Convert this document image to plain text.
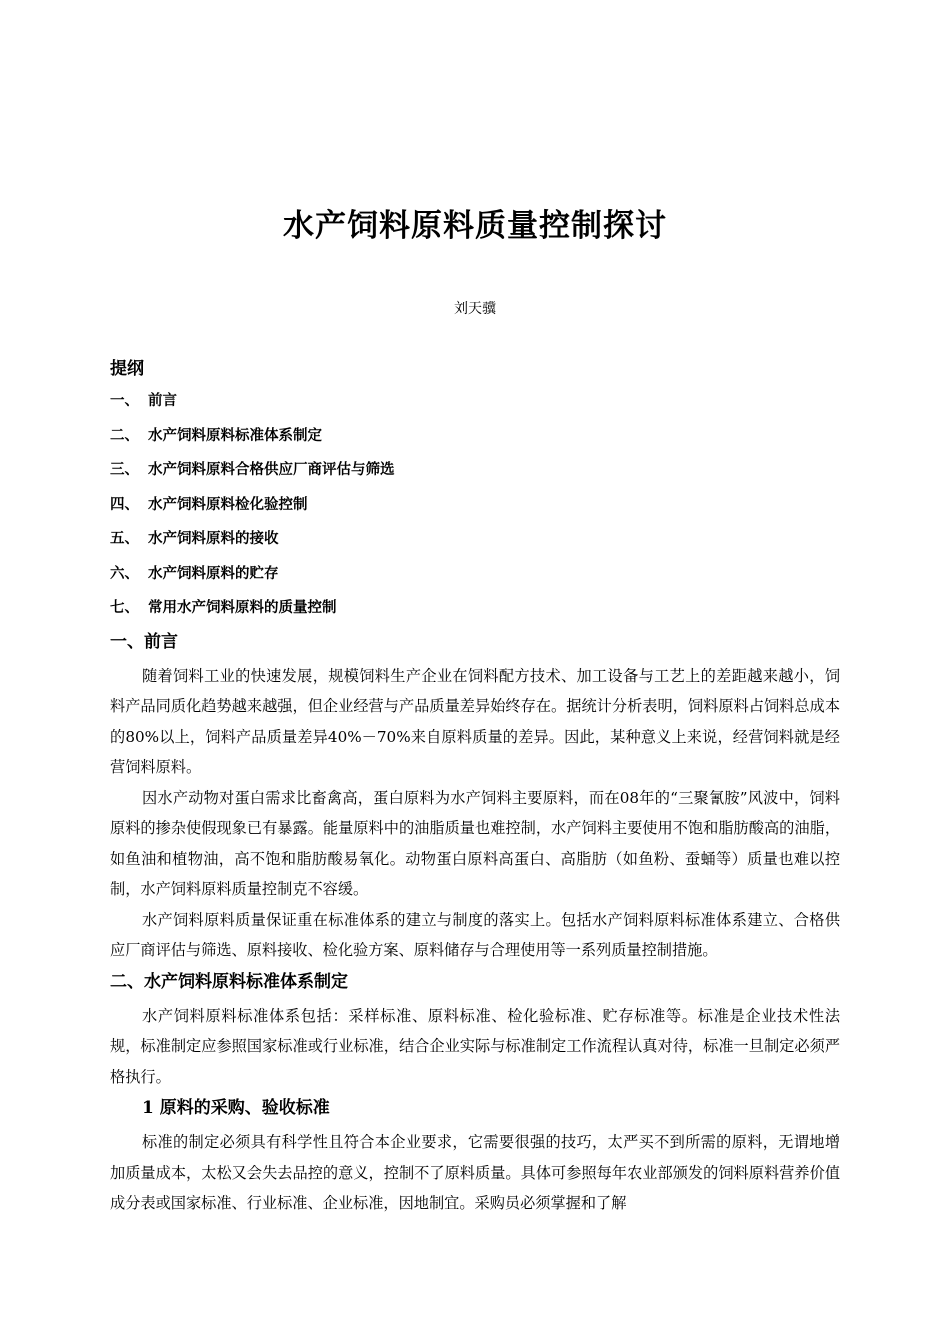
水产饲料原料质量控制探讨
刘天骥
提纲
一、 前言
二、 水产饲料原料标准体系制定
三、 水产饲料原料合格供应厂商评估与筛选
四、 水产饲料原料检化验控制
五、 水产饲料原料的接收
六、 水产饲料原料的贮存
七、 常用水产饲料原料的质量控制
一、前言

随着饲料工业的快速发展，规模饲料生产企业在饲料配方技术、加工设备与工艺上的差距越来越小，饲料产品同质化趋势越来越强，但企业经营与产品质量差异始终存在。据统计分析表明，饲料原料占饲料总成本的80%以上，饲料产品质量差异40%－70%来自原料质量的差异。因此，某种意义上来说，经营饲料就是经营饲料原料。

因水产动物对蛋白需求比畜禽高，蛋白原料为水产饲料主要原料，而在08年的“三聚氰胺”风波中，饲料原料的掺杂使假现象已有暴露。能量原料中的油脂质量也难控制，水产饲料主要使用不饱和脂肪酸高的油脂，如鱼油和植物油，高不饱和脂肪酸易氧化。动物蛋白原料高蛋白、高脂肪（如鱼粉、蚕蛹等）质量也难以控制，水产饲料原料质量控制克不容缓。

水产饲料原料质量保证重在标准体系的建立与制度的落实上。包括水产饲料原料标准体系建立、合格供应厂商评估与筛选、原料接收、检化验方案、原料储存与合理使用等一系列质量控制措施。

二、水产饲料原料标准体系制定

水产饲料原料标准体系包括：采样标准、原料标准、检化验标准、贮存标准等。标准是企业技术性法规，标准制定应参照国家标准或行业标准，结合企业实际与标准制定工作流程认真对待，标准一旦制定必须严格执行。

1 原料的采购、验收标准

标准的制定必须具有科学性且符合本企业要求，它需要很强的技巧，太严买不到所需的原料，无谓地增加质量成本，太松又会失去品控的意义，控制不了原料质量。具体可参照每年农业部颁发的饲料原料营养价值成分表或国家标准、行业标准、企业标准，因地制宜。采购员必须掌握和了解
